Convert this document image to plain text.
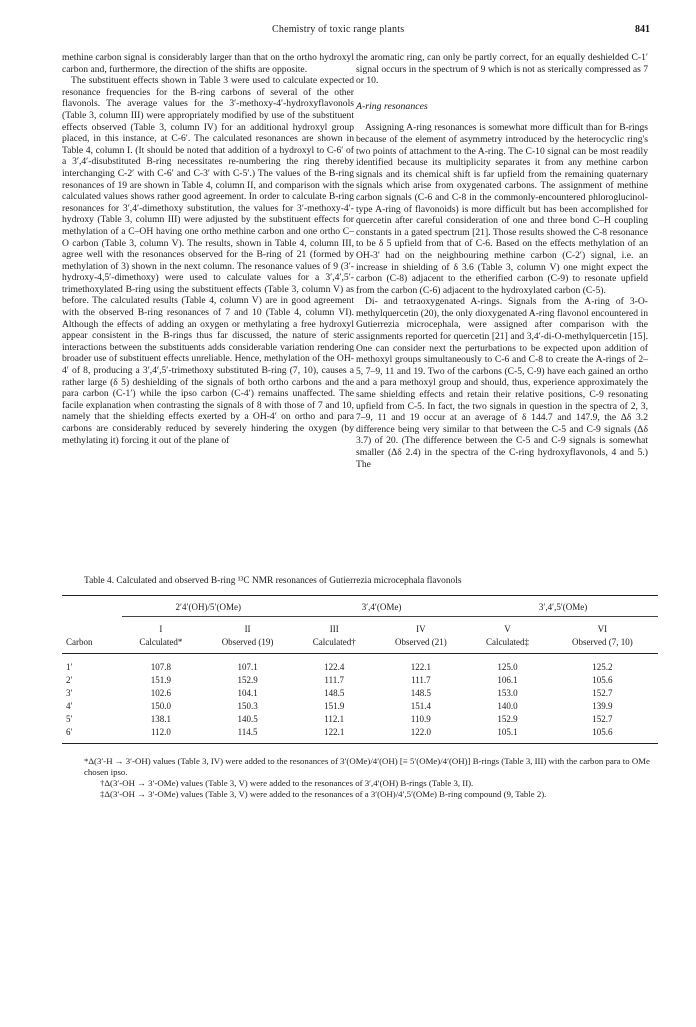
Chemistry of toxic range plants	841

methine carbon signal is considerably larger than that on the ortho hydroxyl carbon and, furthermore, the direction of the shifts are opposite.

The substituent effects shown in Table 3 were used to calculate expected resonance frequencies for the B-ring carbons of several of the other flavonols. The average values for the 3′-methoxy-4′-hydroxyflavonols (Table 3, column III) were appropriately modified by use of the substituent effects observed (Table 3, column IV) for an additional hydroxyl group placed, in this instance, at C-6′. The calculated resonances are shown in Table 4, column I. (It should be noted that addition of a hydroxyl to C-6′ of a 3′,4′-disubstituted B-ring necessitates re-numbering the ring thereby interchanging C-2′ with C-6′ and C-3′ with C-5′.) The values of the B-ring resonances of 19 are shown in Table 4, column II, and comparison with the calculated values shows rather good agreement. In order to calculate B-ring resonances for 3′,4′-dimethoxy substitution, the values for 3′-methoxy-4′-hydroxy (Table 3, column III) were adjusted by the substituent effects for methylation of a C–OH having one ortho methine carbon and one ortho C–O carbon (Table 3, column V). The results, shown in Table 4, column III, agree well with the resonances observed for the B-ring of 21 (formed by methylation of 3) shown in the next column. The resonance values of 9 (3′-hydroxy-4,5′-dimethoxy) were used to calculate values for a 3′,4′,5′-trimethoxylated B-ring using the substituent effects (Table 3, column V) as before. The calculated results (Table 4, column V) are in good agreement with the observed B-ring resonances of 7 and 10 (Table 4, column VI). Although the effects of adding an oxygen or methylating a free hydroxyl appear consistent in the B-rings thus far discussed, the nature of steric interactions between the substituents adds considerable variation rendering broader use of substituent effects unreliable. Hence, methylation of the OH-4′ of 8, producing a 3′,4′,5′-trimethoxy substituted B-ring (7, 10), causes a rather large (δ 5) deshielding of the signals of both ortho carbons and the para carbon (C-1′) while the ipso carbon (C-4′) remains unaffected. The facile explanation when contrasting the signals of 8 with those of 7 and 10, namely that the shielding effects exerted by a OH-4′ on ortho and para carbons are considerably reduced by severely hindering the oxygen (by methylating it) forcing it out of the plane of

the aromatic ring, can only be partly correct, for an equally deshielded C-1′ signal occurs in the spectrum of 9 which is not as sterically compressed as 7 or 10.

A-ring resonances

Assigning A-ring resonances is somewhat more difficult than for B-rings because of the element of asymmetry introduced by the heterocyclic ring's two points of attachment to the A-ring. The C-10 signal can be most readily identified because its multiplicity separates it from any methine carbon signals and its chemical shift is far upfield from the remaining quaternary signals which arise from oxygenated carbons. The assignment of methine carbon signals (C-6 and C-8 in the commonly-encountered phloroglucinol-type A-ring of flavonoids) is more difficult but has been accomplished for quercetin after careful consideration of one and three bond C–H coupling constants in a gated spectrum [21]. Those results showed the C-8 resonance to be δ 5 upfield from that of C-6. Based on the effects methylation of an OH-3′ had on the neighbouring methine carbon (C-2′) signal, i.e. an increase in shielding of δ 3.6 (Table 3, column V) one might expect the carbon (C-8) adjacent to the etherified carbon (C-9) to resonate upfield from the carbon (C-6) adjacent to the hydroxylated carbon (C-5).

Di- and tetraoxygenated A-rings. Signals from the A-ring of 3-O-methylquercetin (20), the only dioxygenated A-ring flavonol encountered in Gutierrezia microcephala, were assigned after comparison with the assignments reported for quercetin [21] and 3,4′-di-O-methylquercetin [15]. One can consider next the perturbations to be expected upon addition of methoxyl groups simultaneously to C-6 and C-8 to create the A-rings of 2–5, 7–9, 11 and 19. Two of the carbons (C-5, C-9) have each gained an ortho and a para methoxyl group and should, thus, experience approximately the same shielding effects and retain their relative positions, C-9 resonating upfield from C-5. In fact, the two signals in question in the spectra of 2, 3, 7–9, 11 and 19 occur at an average of δ 144.7 and 147.9, the Δδ 3.2 difference being very similar to that between the C-5 and C-9 signals (Δδ 3.7) of 20. (The difference between the C-5 and C-9 signals is somewhat smaller (Δδ 2.4) in the spectra of the C-ring hydroxyflavonols, 4 and 5.) The

Table 4. Calculated and observed B-ring ¹³C NMR resonances of Gutierrezia microcephala flavonols

	2′4′(OH)/5′(OMe)		3′,4′(OMe)		3′,4′,5′(OMe)	
	I	II	III	IV	V	VI
Carbon	Calculated*	Observed (19)	Calculated†	Observed (21)	Calculated‡	Observed (7, 10)
1′	107.8	107.1	122.4	122.1	125.0	125.2
2′	151.9	152.9	111.7	111.7	106.1	105.6
3′	102.6	104.1	148.5	148.5	153.0	152.7
4′	150.0	150.3	151.9	151.4	140.0	139.9
5′	138.1	140.5	112.1	110.9	152.9	152.7
6′	112.0	114.5	122.1	122.0	105.1	105.6

*Δ(3′-H → 3′-OH) values (Table 3, IV) were added to the resonances of 3′(OMe)/4′(OH) [≡ 5′(OMe)/4′(OH)] B-rings (Table 3, III) with the carbon para to OMe chosen ipso.

†Δ(3′-OH → 3′-OMe) values (Table 3, V) were added to the resonances of 3′,4′(OH) B-rings (Table 3, II).

‡Δ(3′-OH → 3′-OMe) values (Table 3, V) were added to the resonances of a 3′(OH)/4′,5′(OMe) B-ring compound (9, Table 2).
